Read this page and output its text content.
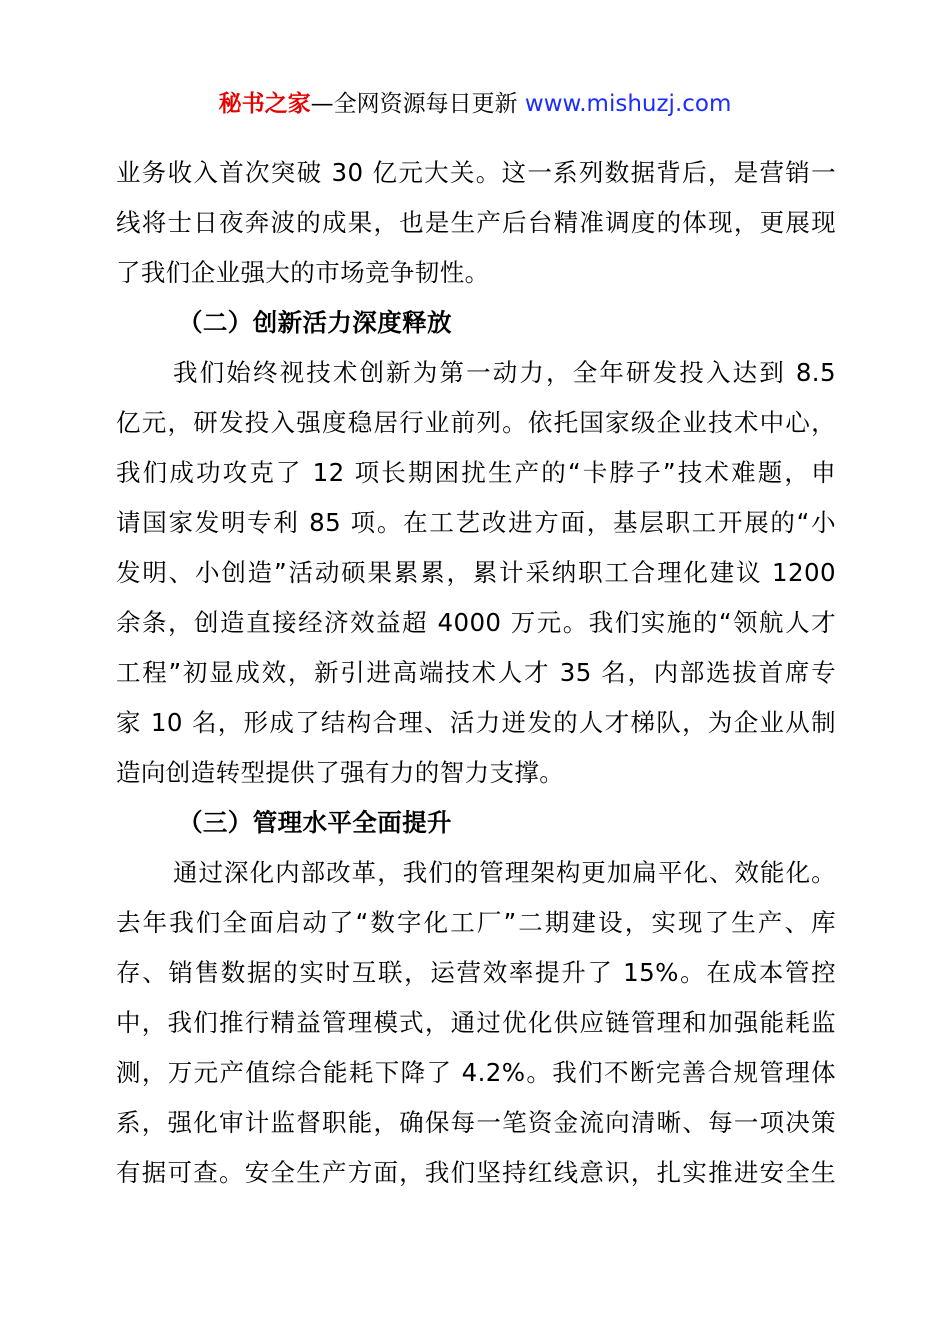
秘书之家—全网资源每日更新 www.mishuzj.com
业务收入首次突破 30 亿元大关。这一系列数据背后，是营销一
线将士日夜奔波的成果，也是生产后台精准调度的体现，更展现
了我们企业强大的市场竞争韧性。
（二）创新活力深度释放
我们始终视技术创新为第一动力，全年研发投入达到 8.5
亿元，研发投入强度稳居行业前列。依托国家级企业技术中心，
我们成功攻克了 12 项长期困扰生产的“卡脖子”技术难题，申
请国家发明专利 85 项。在工艺改进方面，基层职工开展的“小
发明、小创造”活动硕果累累，累计采纳职工合理化建议 1200
余条，创造直接经济效益超 4000 万元。我们实施的“领航人才
工程”初显成效，新引进高端技术人才 35 名，内部选拔首席专
家 10 名，形成了结构合理、活力迸发的人才梯队，为企业从制
造向创造转型提供了强有力的智力支撑。
（三）管理水平全面提升
通过深化内部改革，我们的管理架构更加扁平化、效能化。
去年我们全面启动了“数字化工厂”二期建设，实现了生产、库
存、销售数据的实时互联，运营效率提升了 15%。在成本管控
中，我们推行精益管理模式，通过优化供应链管理和加强能耗监
测，万元产值综合能耗下降了 4.2%。我们不断完善合规管理体
系，强化审计监督职能，确保每一笔资金流向清晰、每一项决策
有据可查。安全生产方面，我们坚持红线意识，扎实推进安全生
